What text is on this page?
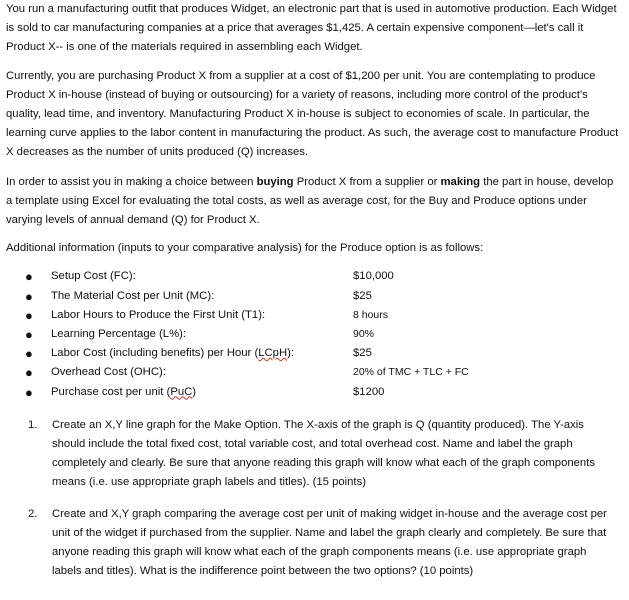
You run a manufacturing outfit that produces Widget, an electronic part that is used in automotive production. Each Widget is sold to car manufacturing companies at a price that averages $1,425. A certain expensive component—let's call it Product X-- is one of the materials required in assembling each Widget.

Currently, you are purchasing Product X from a supplier at a cost of $1,200 per unit. You are contemplating to produce Product X in-house (instead of buying or outsourcing) for a variety of reasons, including more control of the product's quality, lead time, and inventory. Manufacturing Product X in-house is subject to economies of scale. In particular, the learning curve applies to the labor content in manufacturing the product. As such, the average cost to manufacture Product X decreases as the number of units produced (Q) increases.

In order to assist you in making a choice between buying Product X from a supplier or making the part in house, develop a template using Excel for evaluating the total costs, as well as average cost, for the Buy and Produce options under varying levels of annual demand (Q) for Product X.

Additional information (inputs to your comparative analysis) for the Produce option is as follows:

●	Setup Cost (FC):	$10,000
●	The Material Cost per Unit (MC):	$25
●	Labor Hours to Produce the First Unit (T1):	8 hours
●	Learning Percentage (L%):	90%
●	Labor Cost (including benefits) per Hour (LCpH):	$25
●	Overhead Cost (OHC):	20% of TMC + TLC + FC
●	Purchase cost per unit (PuC)	$1200
1.	Create an X,Y line graph for the Make Option. The X-axis of the graph is Q (quantity produced). The Y-axis should include the total fixed cost, total variable cost, and total overhead cost. Name and label the graph completely and clearly. Be sure that anyone reading this graph will know what each of the graph components means (i.e. use appropriate graph labels and titles). (15 points)
2.	Create and X,Y graph comparing the average cost per unit of making widget in-house and the average cost per unit of the widget if purchased from the supplier. Name and label the graph clearly and completely. Be sure that anyone reading this graph will know what each of the graph components means (i.e. use appropriate graph labels and titles). What is the indifference point between the two options? (10 points)
